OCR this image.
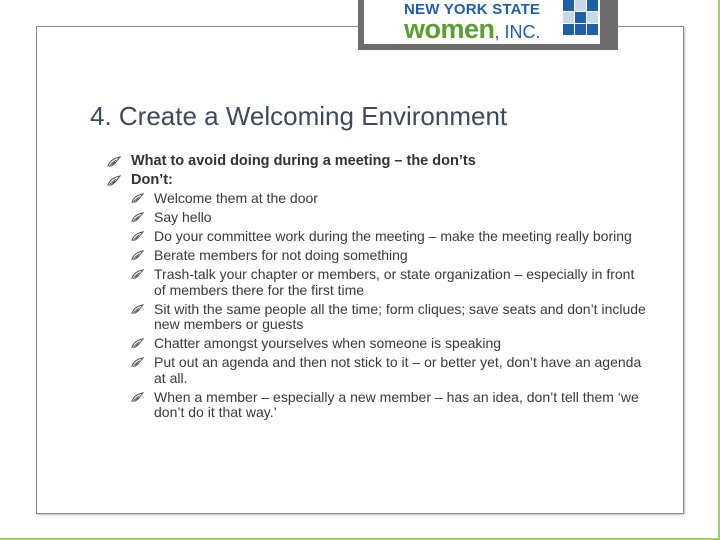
NEW YORK STATE
women, INC.
4. Create a Welcoming Environment
What to avoid doing during a meeting – the don’ts
Don’t:
Welcome them at the door
Say hello
Do your committee work during the meeting – make the meeting really boring
Berate members for not doing something
Trash-talk your chapter or members, or state organization – especially in front of members there for the first time
Sit with the same people all the time; form cliques; save seats and don’t include new members or guests
Chatter amongst yourselves when someone is speaking
Put out an agenda and then not stick to it – or better yet, don’t have an agenda at all.
When a member – especially a new member – has an idea, don’t tell them ‘we don’t do it that way.’
